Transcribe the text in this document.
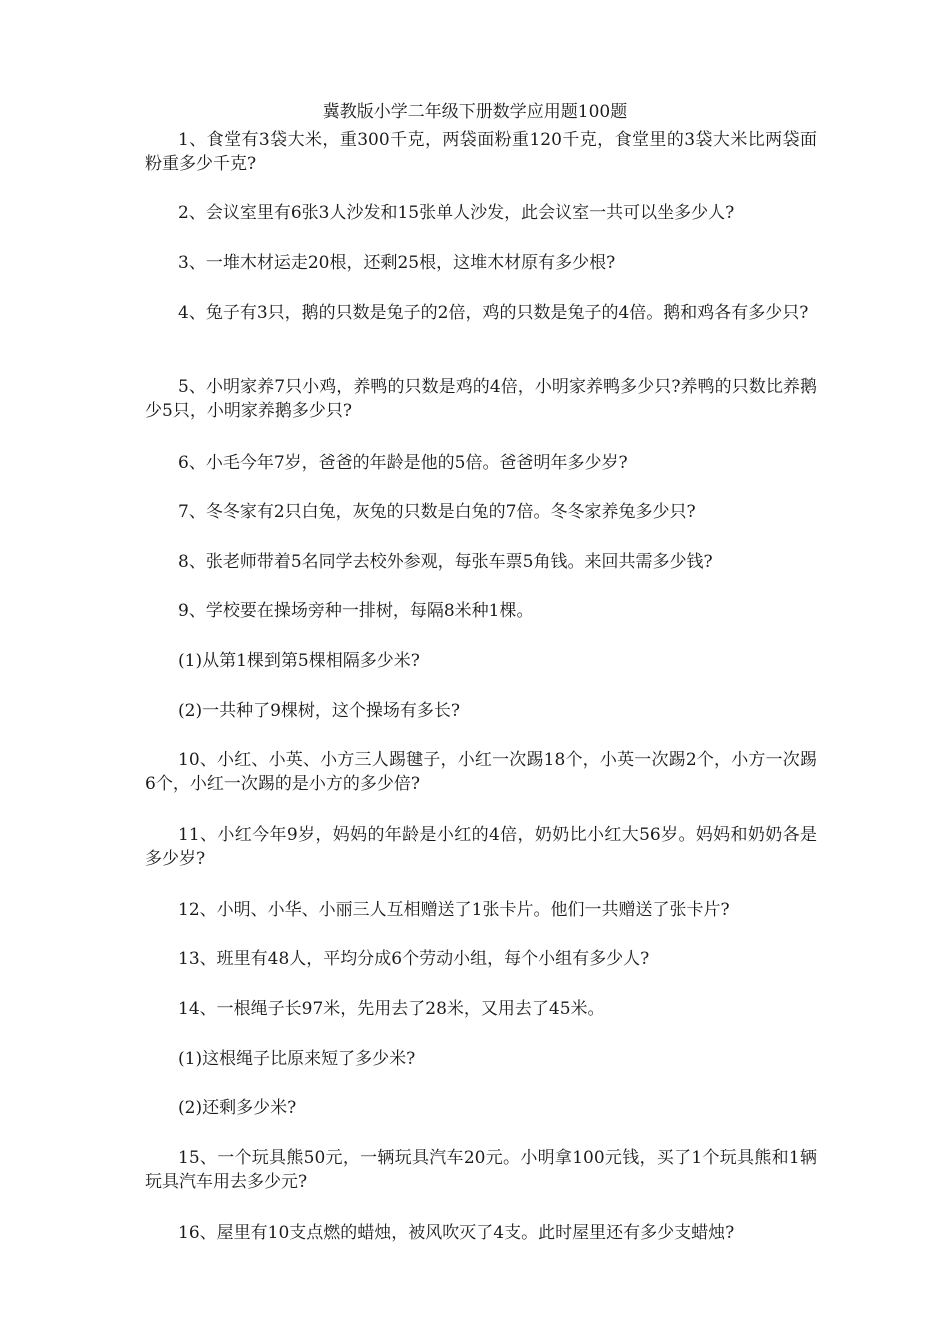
冀教版小学二年级下册数学应用题100题
1、食堂有3袋大米，重300千克，两袋面粉重120千克，食堂里的3袋大米比两袋面粉重多少千克?
2、会议室里有6张3人沙发和15张单人沙发，此会议室一共可以坐多少人?
3、一堆木材运走20根，还剩25根，这堆木材原有多少根?
4、兔子有3只，鹅的只数是兔子的2倍，鸡的只数是兔子的4倍。鹅和鸡各有多少只?
5、小明家养7只小鸡，养鸭的只数是鸡的4倍，小明家养鸭多少只?养鸭的只数比养鹅少5只，小明家养鹅多少只?
6、小毛今年7岁，爸爸的年龄是他的5倍。爸爸明年多少岁?
7、冬冬家有2只白兔，灰兔的只数是白兔的7倍。冬冬家养兔多少只?
8、张老师带着5名同学去校外参观，每张车票5角钱。来回共需多少钱?
9、学校要在操场旁种一排树，每隔8米种1棵。
(1)从第1棵到第5棵相隔多少米?
(2)一共种了9棵树，这个操场有多长?
10、小红、小英、小方三人踢毽子，小红一次踢18个，小英一次踢2个，小方一次踢6个，小红一次踢的是小方的多少倍?
11、小红今年9岁，妈妈的年龄是小红的4倍，奶奶比小红大56岁。妈妈和奶奶各是多少岁?
12、小明、小华、小丽三人互相赠送了1张卡片。他们一共赠送了张卡片?
13、班里有48人，平均分成6个劳动小组，每个小组有多少人?
14、一根绳子长97米，先用去了28米，又用去了45米。
(1)这根绳子比原来短了多少米?
(2)还剩多少米?
15、一个玩具熊50元，一辆玩具汽车20元。小明拿100元钱，买了1个玩具熊和1辆玩具汽车用去多少元?
16、屋里有10支点燃的蜡烛，被风吹灭了4支。此时屋里还有多少支蜡烛?
